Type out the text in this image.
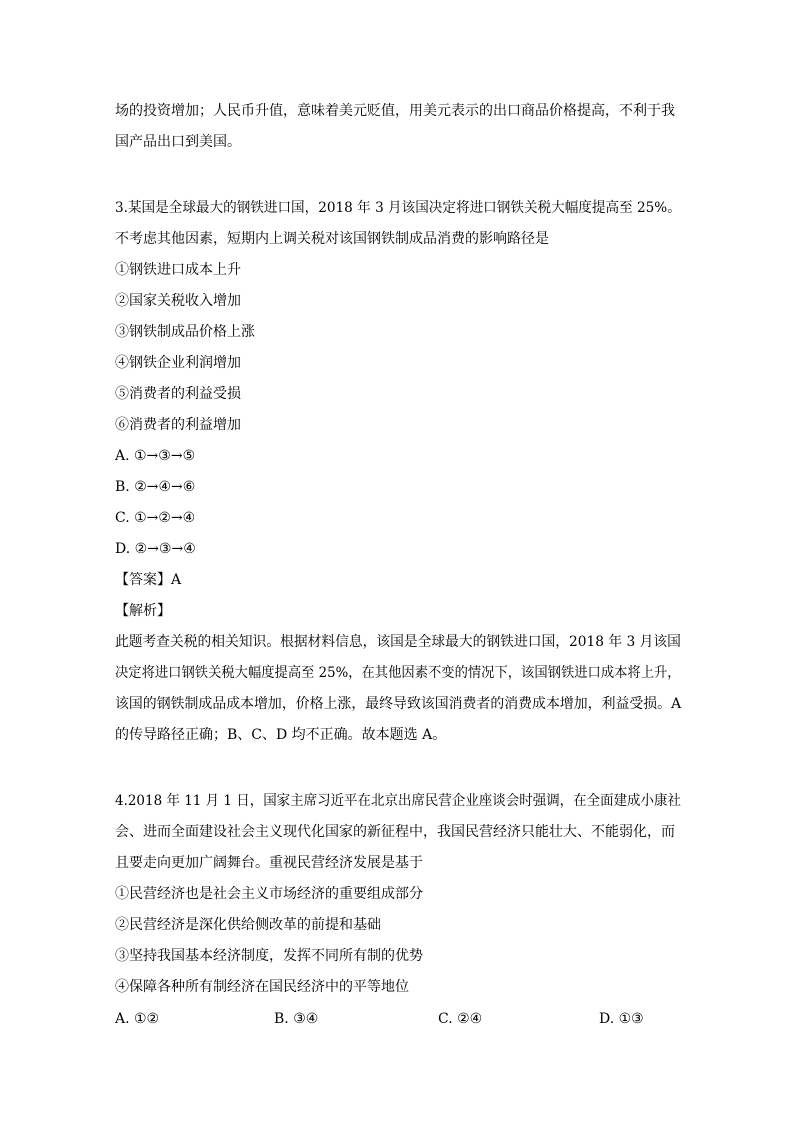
场的投资增加；人民币升值，意味着美元贬值，用美元表示的出口商品价格提高，不利于我
国产品出口到美国。
3.某国是全球最大的钢铁进口国，2018 年 3 月该国决定将进口钢铁关税大幅度提高至 25%。
不考虑其他因素，短期内上调关税对该国钢铁制成品消费的影响路径是
①钢铁进口成本上升
②国家关税收入增加
③钢铁制成品价格上涨
④钢铁企业利润增加
⑤消费者的利益受损
⑥消费者的利益增加
A. ①→③→⑤
B. ②→④→⑥
C. ①→②→④
D. ②→③→④
【答案】A
【解析】
此题考查关税的相关知识。根据材料信息，该国是全球最大的钢铁进口国，2018 年 3 月该国
决定将进口钢铁关税大幅度提高至 25%，在其他因素不变的情况下，该国钢铁进口成本将上升，
该国的钢铁制成品成本增加，价格上涨，最终导致该国消费者的消费成本增加，利益受损。A
的传导路径正确；B、C、D 均不正确。故本题选 A。
4.2018 年 11 月 1 日，国家主席习近平在北京出席民营企业座谈会时强调，在全面建成小康社
会、进而全面建设社会主义现代化国家的新征程中，我国民营经济只能壮大、不能弱化，而
且要走向更加广阔舞台。重视民营经济发展是基于
①民营经济也是社会主义市场经济的重要组成部分
②民营经济是深化供给侧改革的前提和基础
③坚持我国基本经济制度，发挥不同所有制的优势
④保障各种所有制经济在国民经济中的平等地位
A. ①②	B. ③④	C. ②④	D. ①③
